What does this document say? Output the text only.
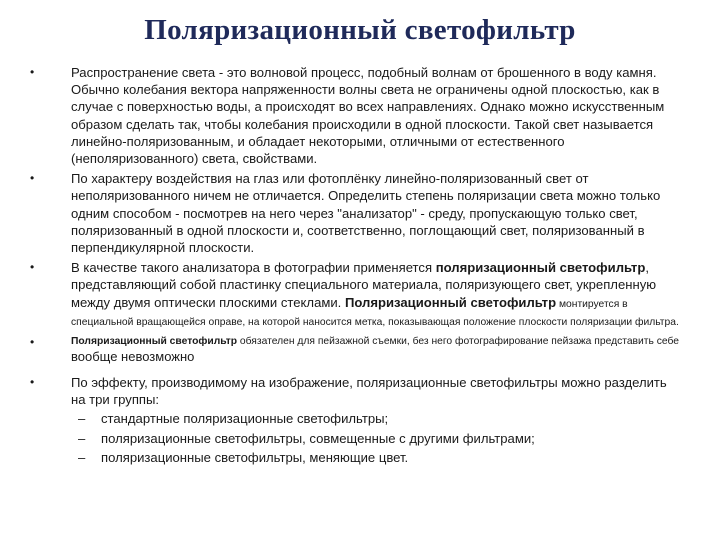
Поляризационный светофильтр
•	Распространение света - это волновой процесс, подобный волнам от брошенного в воду камня. Обычно колебания вектора напряженности волны света не ограничены одной плоскостью, как в случае с поверхностью воды, а происходят во всех направлениях. Однако можно искусственным образом сделать так, чтобы колебания происходили в одной плоскости. Такой свет называется линейно-поляризованным, и обладает некоторыми, отличными от естественного (неполяризованного) света, свойствами.
•	По характеру воздействия на глаз или фотоплёнку линейно-поляризованный свет от неполяризованного ничем не отличается. Определить степень поляризации света можно только одним способом - посмотрев на него через "анализатор" - среду, пропускающую только свет, поляризованный в одной плоскости и, соответственно, поглощающий свет, поляризованный в перпендикулярной плоскости.
•	В качестве такого анализатора в фотографии применяется поляризационный светофильтр, представляющий собой пластинку специального материала, поляризующего свет, укрепленную между двумя оптически плоскими стеклами. Поляризационный светофильтр монтируется в специальной вращающейся оправе, на которой наносится метка, показывающая положение плоскости поляризации фильтра.
•	Поляризационный светофильтр обязателен для пейзажной съемки, без него фотографирование пейзажа представить себе вообще невозможно
•	По эффекту, производимому на изображение, поляризационные светофильтры можно разделить на три группы:
– стандартные поляризационные светофильтры;
– поляризационные светофильтры, совмещенные с другими фильтрами;
– поляризационные светофильтры, меняющие цвет.
